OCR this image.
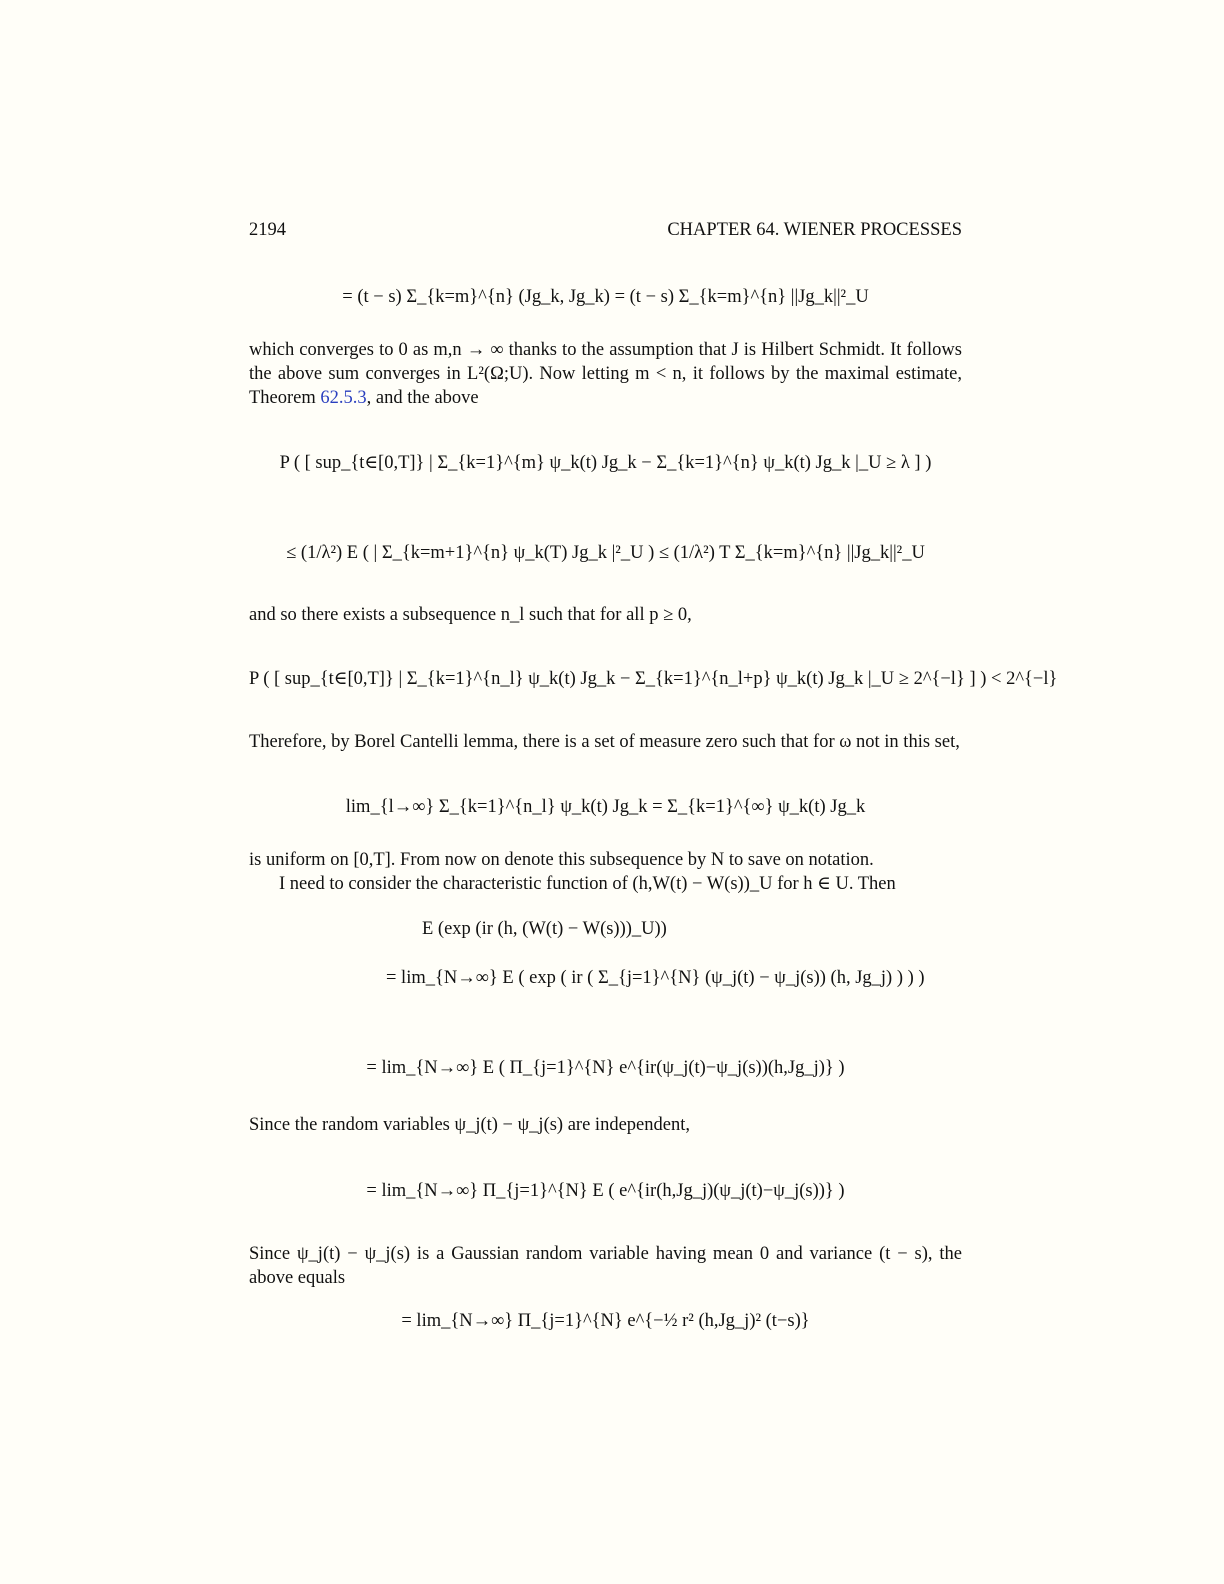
2194	CHAPTER 64. WIENER PROCESSES
= (t − s) Σ_{k=m}^{n} (Jg_k, Jg_k) = (t − s) Σ_{k=m}^{n} ||Jg_k||²_U
which converges to 0 as m,n → ∞ thanks to the assumption that J is Hilbert Schmidt. It follows the above sum converges in L²(Ω;U). Now letting m < n, it follows by the maximal estimate, Theorem 62.5.3, and the above
P ( [ sup_{t∈[0,T]} | Σ_{k=1}^{m} ψ_k(t) Jg_k − Σ_{k=1}^{n} ψ_k(t) Jg_k |_U ≥ λ ] )
≤ (1/λ²) E ( | Σ_{k=m+1}^{n} ψ_k(T) Jg_k |²_U ) ≤ (1/λ²) T Σ_{k=m}^{n} ||Jg_k||²_U
and so there exists a subsequence n_l such that for all p ≥ 0,
P ( [ sup_{t∈[0,T]} | Σ_{k=1}^{n_l} ψ_k(t) Jg_k − Σ_{k=1}^{n_l+p} ψ_k(t) Jg_k |_U ≥ 2^{−l} ] ) < 2^{−l}
Therefore, by Borel Cantelli lemma, there is a set of measure zero such that for ω not in this set,
lim_{l→∞} Σ_{k=1}^{n_l} ψ_k(t) Jg_k = Σ_{k=1}^{∞} ψ_k(t) Jg_k
is uniform on [0,T]. From now on denote this subsequence by N to save on notation.
I need to consider the characteristic function of (h,W(t) − W(s))_U for h ∈ U. Then
E (exp (ir (h, (W(t) − W(s)))_U))
= lim_{N→∞} E ( exp ( ir ( Σ_{j=1}^{N} (ψ_j(t) − ψ_j(s)) (h, Jg_j) ) ) )
= lim_{N→∞} E ( Π_{j=1}^{N} e^{ir(ψ_j(t)−ψ_j(s))(h,Jg_j)} )
Since the random variables ψ_j(t) − ψ_j(s) are independent,
= lim_{N→∞} Π_{j=1}^{N} E ( e^{ir(h,Jg_j)(ψ_j(t)−ψ_j(s))} )
Since ψ_j(t) − ψ_j(s) is a Gaussian random variable having mean 0 and variance (t − s), the above equals
= lim_{N→∞} Π_{j=1}^{N} e^{−½ r² (h,Jg_j)² (t−s)}
